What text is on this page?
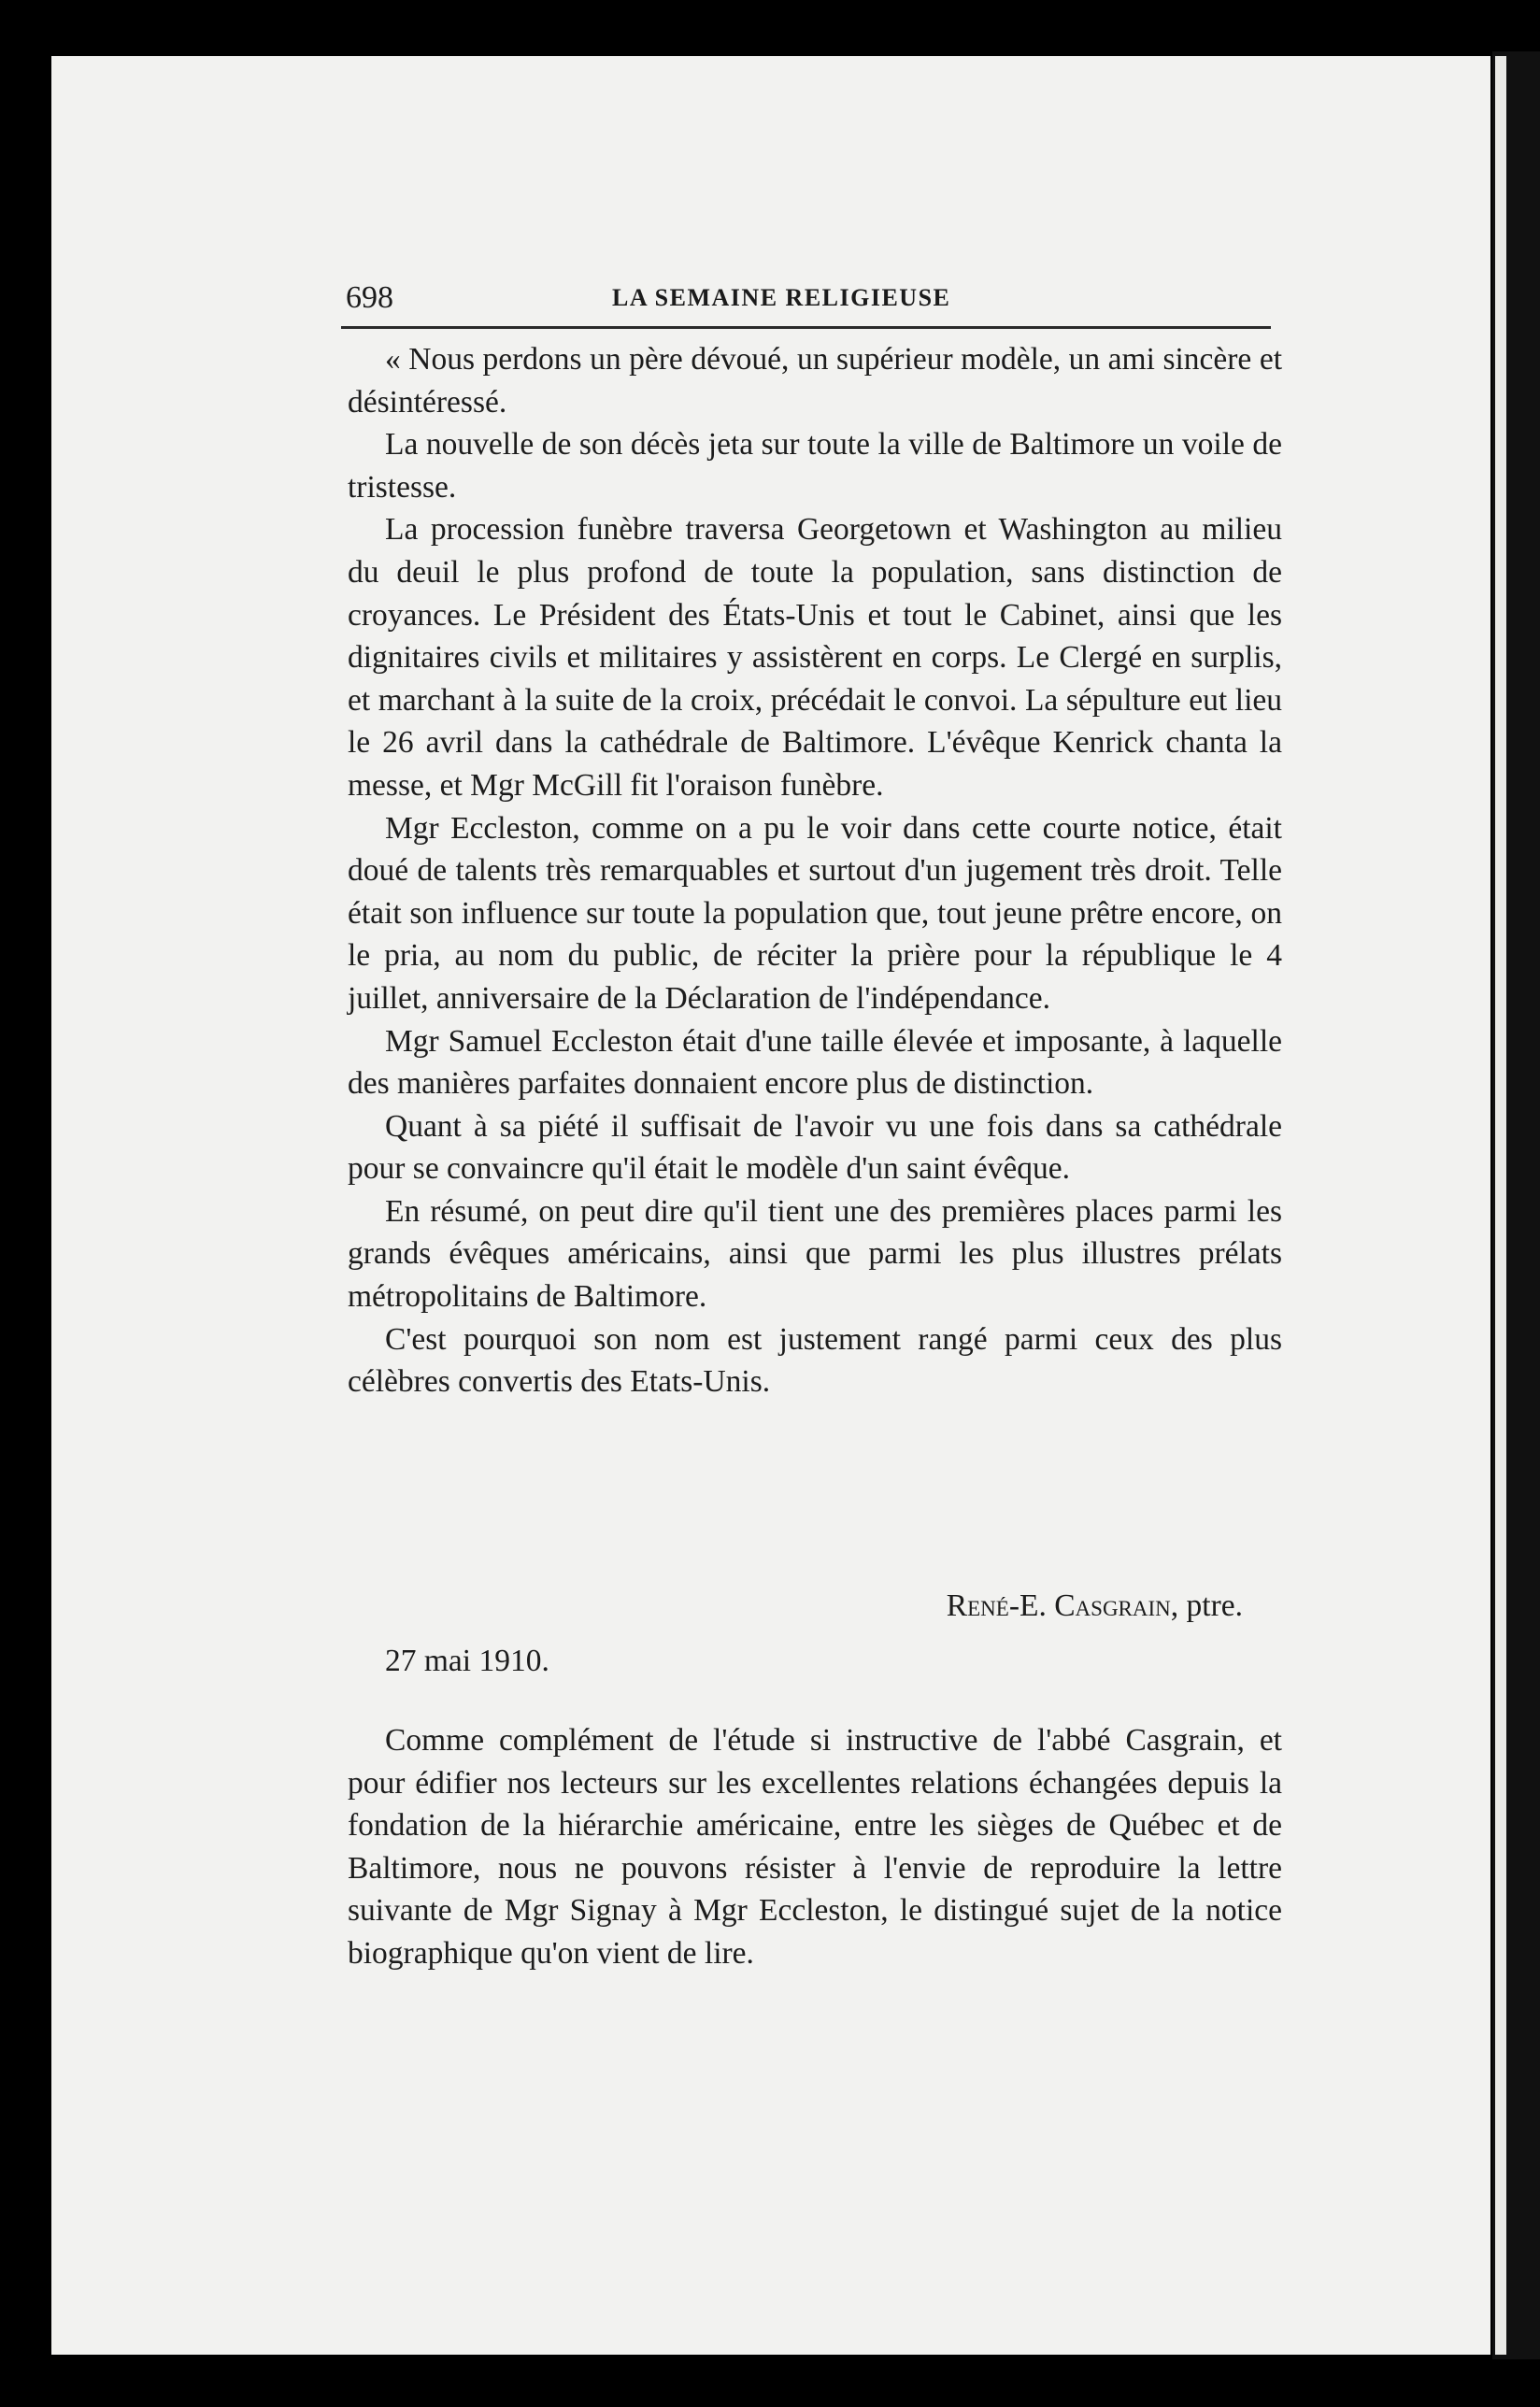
698	LA SEMAINE RELIGIEUSE

« Nous perdons un père dévoué, un supérieur modèle, un ami sincère et désintéressé.

La nouvelle de son décès jeta sur toute la ville de Baltimore un voile de tristesse.

La procession funèbre traversa Georgetown et Washington au milieu du deuil le plus profond de toute la population, sans distinction de croyances. Le Président des États-Unis et tout le Cabinet, ainsi que les dignitaires civils et militaires y assistèrent en corps. Le Clergé en surplis, et marchant à la suite de la croix, précédait le convoi. La sépulture eut lieu le 26 avril dans la cathédrale de Baltimore. L'évêque Kenrick chanta la messe, et Mgr McGill fit l'oraison funèbre.

Mgr Eccleston, comme on a pu le voir dans cette courte notice, était doué de talents très remarquables et surtout d'un jugement très droit. Telle était son influence sur toute la population que, tout jeune prêtre encore, on le pria, au nom du public, de réciter la prière pour la république le 4 juillet, anniversaire de la Déclaration de l'indépendance.

Mgr Samuel Eccleston était d'une taille élevée et imposante, à laquelle des manières parfaites donnaient encore plus de distinction.

Quant à sa piété il suffisait de l'avoir vu une fois dans sa cathédrale pour se convaincre qu'il était le modèle d'un saint évêque.

En résumé, on peut dire qu'il tient une des premières places parmi les grands évêques américains, ainsi que parmi les plus illustres prélats métropolitains de Baltimore.

C'est pourquoi son nom est justement rangé parmi ceux des plus célèbres convertis des Etats-Unis.

René-E. Casgrain, ptre.
27 mai 1910.

Comme complément de l'étude si instructive de l'abbé Casgrain, et pour édifier nos lecteurs sur les excellentes relations échangées depuis la fondation de la hiérarchie américaine, entre les sièges de Québec et de Baltimore, nous ne pouvons résister à l'envie de reproduire la lettre suivante de Mgr Signay à Mgr Eccleston, le distingué sujet de la notice biographique qu'on vient de lire.
